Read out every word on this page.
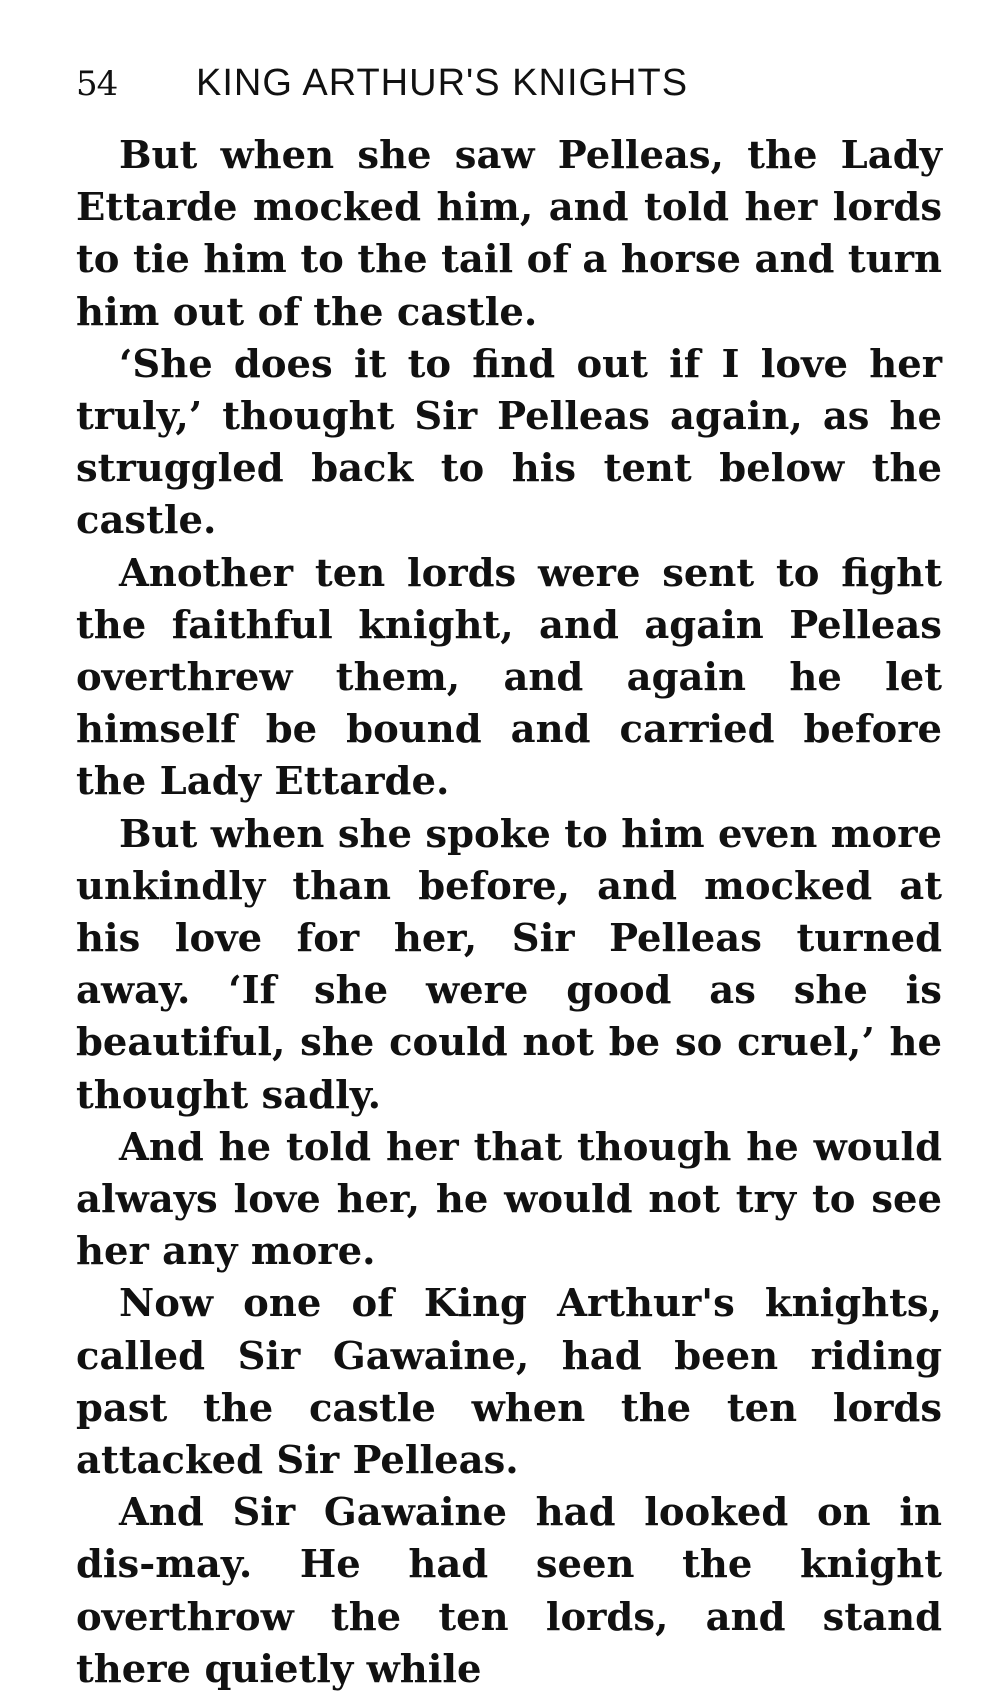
54	KING ARTHUR'S KNIGHTS

But when she saw Pelleas, the Lady Ettarde mocked him, and told her lords to tie him to the tail of a horse and turn him out of the castle.

‘She does it to find out if I love her truly,’ thought Sir Pelleas again, as he struggled back to his tent below the castle.

Another ten lords were sent to fight the faithful knight, and again Pelleas overthrew them, and again he let himself be bound and carried before the Lady Ettarde.

But when she spoke to him even more unkindly than before, and mocked at his love for her, Sir Pelleas turned away. ‘If she were good as she is beautiful, she could not be so cruel,’ he thought sadly.

And he told her that though he would always love her, he would not try to see her any more.

Now one of King Arthur's knights, called Sir Gawaine, had been riding past the castle when the ten lords attacked Sir Pelleas.

And Sir Gawaine had looked on in dis-may. He had seen the knight overthrow the ten lords, and stand there quietly while
